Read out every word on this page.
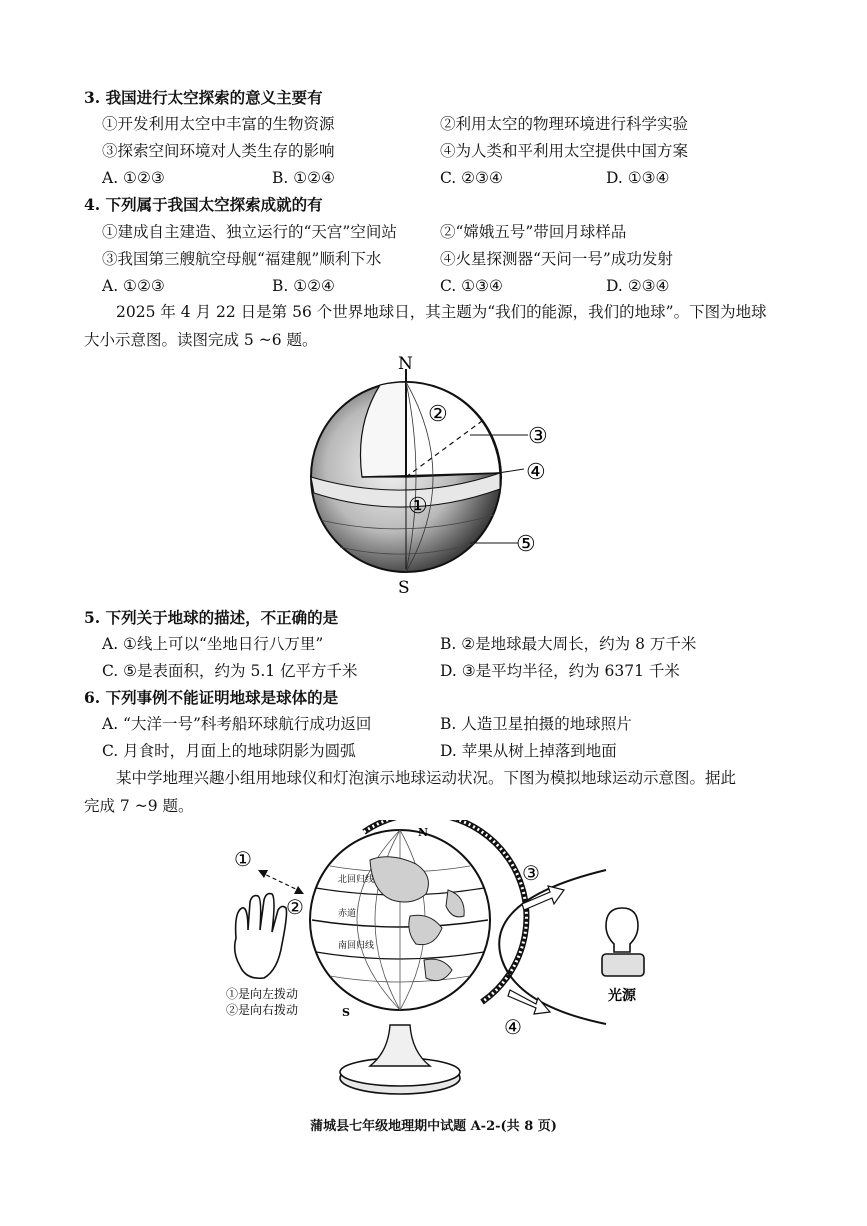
3. 我国进行太空探索的意义主要有
①开发利用太空中丰富的生物资源	②利用太空的物理环境进行科学实验
③探索空间环境对人类生存的影响	④为人类和平利用太空提供中国方案
A. ①②③	B. ①②④	C. ②③④	D. ①③④
4. 下列属于我国太空探索成就的有
①建成自主建造、独立运行的“天宫”空间站	②“嫦娥五号”带回月球样品
③我国第三艘航空母舰“福建舰”顺利下水	④火星探测器“天问一号”成功发射
A. ①②③	B. ①②④	C. ①③④	D. ②③④
2025 年 4 月 22 日是第 56 个世界地球日，其主题为“我们的能源，我们的地球”。下图为地球
大小示意图。读图完成 5 ~6 题。
N
S
①
②
③
④
⑤
5. 下列关于地球的描述，不正确的是
A. ①线上可以“坐地日行八万里”	B. ②是地球最大周长，约为 8 万千米
C. ⑤是表面积，约为 5.1 亿平方千米	D. ③是平均半径，约为 6371 千米
6. 下列事例不能证明地球是球体的是
A. “大洋一号”科考船环球航行成功返回	B. 人造卫星拍摄的地球照片
C. 月食时，月面上的地球阴影为圆弧	D. 苹果从树上掉落到地面
某中学地理兴趣小组用地球仪和灯泡演示地球运动状况。下图为模拟地球运动示意图。据此
完成 7 ~9 题。
①
②
①是向左拨动
②是向右拨动
北回归线
赤道
南回归线
N
S
③
④
光源
蒲城县七年级地理期中试题 A-2-(共 8 页)
